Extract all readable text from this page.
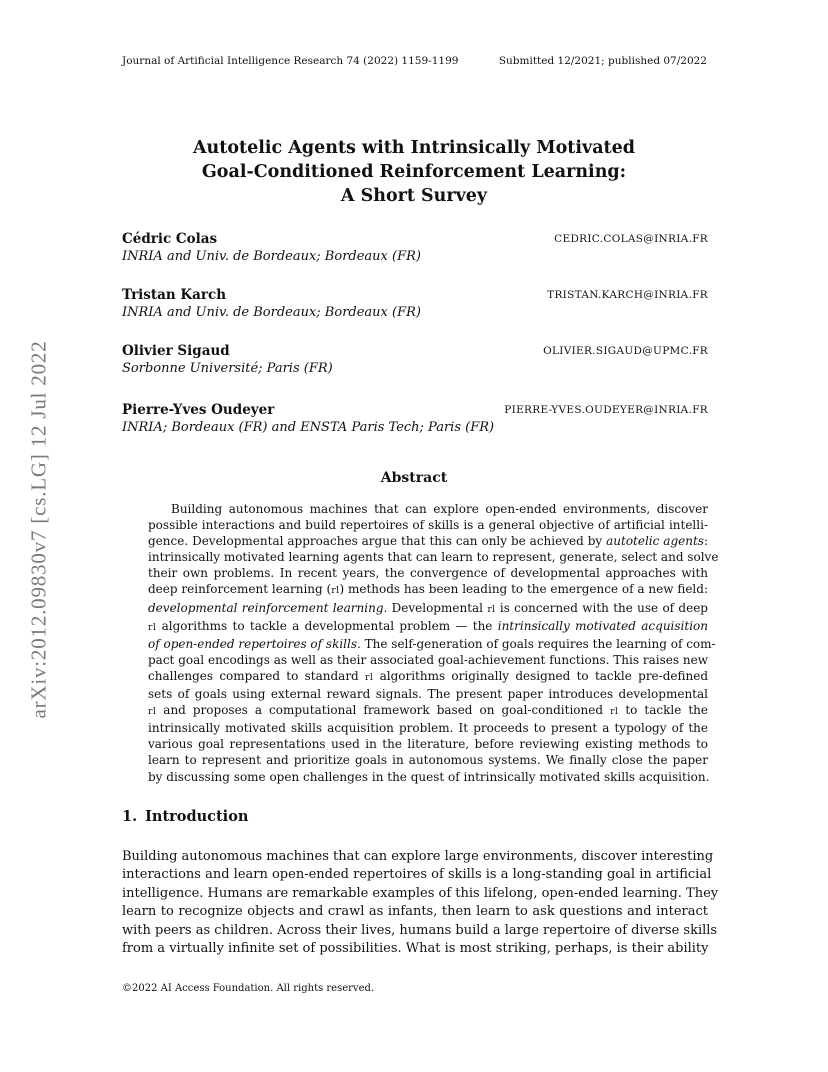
Journal of Artificial Intelligence Research 74 (2022) 1159-1199	Submitted 12/2021; published 07/2022
arXiv:2012.09830v7 [cs.LG] 12 Jul 2022
Autotelic Agents with Intrinsically Motivated
Goal-Conditioned Reinforcement Learning:
A Short Survey
Cédric Colas	CEDRIC.COLAS@INRIA.FR
INRIA and Univ. de Bordeaux; Bordeaux (FR)
Tristan Karch	TRISTAN.KARCH@INRIA.FR
INRIA and Univ. de Bordeaux; Bordeaux (FR)
Olivier Sigaud	OLIVIER.SIGAUD@UPMC.FR
Sorbonne Université; Paris (FR)
Pierre-Yves Oudeyer	PIERRE-YVES.OUDEYER@INRIA.FR
INRIA; Bordeaux (FR) and ENSTA Paris Tech; Paris (FR)
Abstract
Building autonomous machines that can explore open-ended environments, discover
possible interactions and build repertoires of skills is a general objective of artificial intelli-
gence. Developmental approaches argue that this can only be achieved by autotelic agents:
intrinsically motivated learning agents that can learn to represent, generate, select and solve
their own problems. In recent years, the convergence of developmental approaches with
deep reinforcement learning (rl) methods has been leading to the emergence of a new field:
developmental reinforcement learning. Developmental rl is concerned with the use of deep
rl algorithms to tackle a developmental problem — the intrinsically motivated acquisition
of open-ended repertoires of skills. The self-generation of goals requires the learning of com-
pact goal encodings as well as their associated goal-achievement functions. This raises new
challenges compared to standard rl algorithms originally designed to tackle pre-defined
sets of goals using external reward signals. The present paper introduces developmental
rl and proposes a computational framework based on goal-conditioned rl to tackle the
intrinsically motivated skills acquisition problem. It proceeds to present a typology of the
various goal representations used in the literature, before reviewing existing methods to
learn to represent and prioritize goals in autonomous systems. We finally close the paper
by discussing some open challenges in the quest of intrinsically motivated skills acquisition.
1. Introduction
Building autonomous machines that can explore large environments, discover interesting
interactions and learn open-ended repertoires of skills is a long-standing goal in artificial
intelligence. Humans are remarkable examples of this lifelong, open-ended learning. They
learn to recognize objects and crawl as infants, then learn to ask questions and interact
with peers as children. Across their lives, humans build a large repertoire of diverse skills
from a virtually infinite set of possibilities. What is most striking, perhaps, is their ability
©2022 AI Access Foundation. All rights reserved.
